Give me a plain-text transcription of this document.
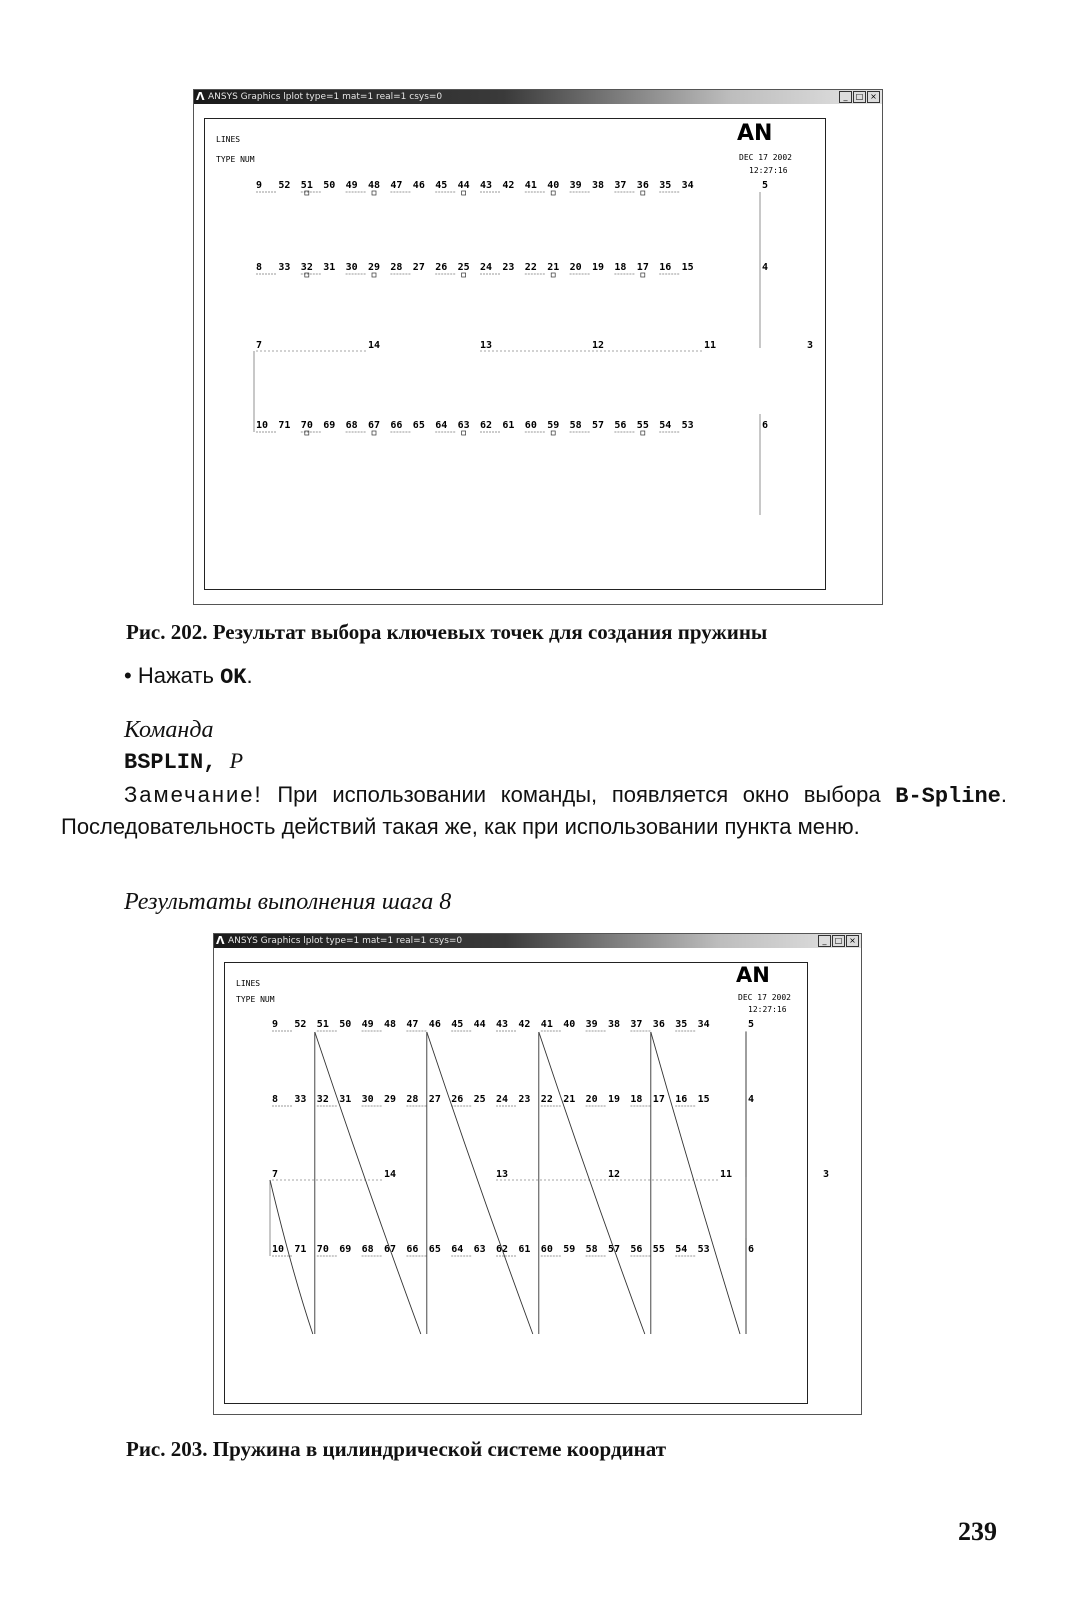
Λ ANSYS Graphics lplot type=1 mat=1 real=1 csys=0	_	□ ×
LINES
TYPE NUM
AN
DEC 17 2002
12:27:16
9 52 51 50 49 48 47 46 45 44 43 42 41 40 39 38 37 36 35 34	5
8 33 32 31 30 29 28 27 26 25 24 23 22 21 20 19 18 17 16 15	4
7	14	13	12	11	3
10 71 70 69 68 67 66 65 64 63 62 61 60 59 58 57 56 55 54 53	6
Рис. 202. Результат выбора ключевых точек для создания пружины
• Нажать OK.
Команда
BSPLIN, P
Замечание! При использовании команды, появляется окно выбора B-Spline. Последовательность действий такая же, как при использовании пункта меню.
Результаты выполнения шага 8
Λ ANSYS Graphics lplot type=1 mat=1 real=1 csys=0	_	□ ×
LINES
TYPE NUM
AN
DEC 17 2002
12:27:16
9 52 51 50 49 48 47 46 45 44 43 42 41 40 39 38 37 36 35 34	5
8 33 32 31 30 29 28 27 26 25 24 23 22 21 20 19 18 17 16 15	4
7	14	13	12	11	3
10 71 70 69 68 67 66 65 64 63 62 61 60 59 58 57 56 55 54 53	6
Рис. 203. Пружина в цилиндрической системе координат
239
